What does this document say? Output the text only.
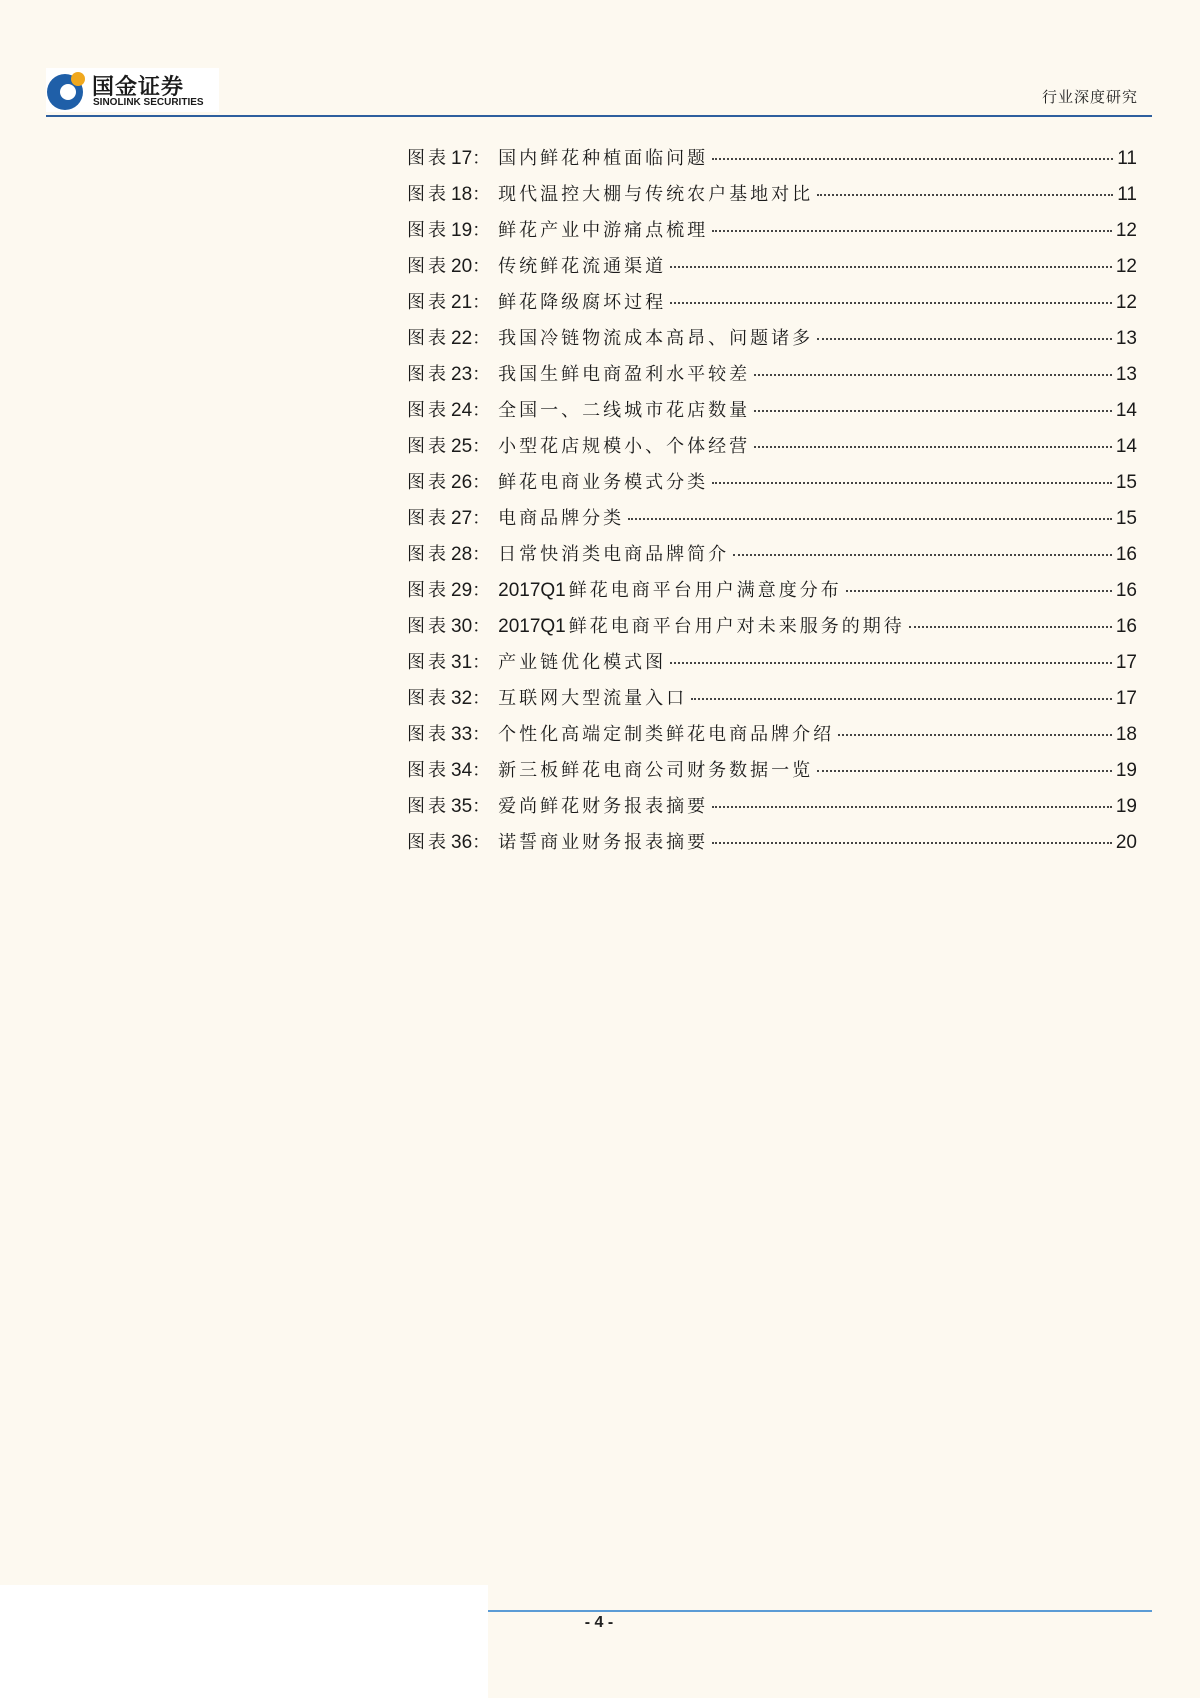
国金证券
SINOLINK SECURITIES	行业深度研究
图表 17 ： 国内鲜花种植面临问题	11
图表 18 ： 现代温控大棚与传统农户基地对比	11
图表 19 ： 鲜花产业中游痛点梳理	12
图表 20 ： 传统鲜花流通渠道	12
图表 21 ： 鲜花降级腐坏过程	12
图表 22 ： 我国冷链物流成本高昂、问题诸多	13
图表 23 ： 我国生鲜电商盈利水平较差	13
图表 24 ： 全国一、二线城市花店数量	14
图表 25 ： 小型花店规模小、个体经营	14
图表 26 ： 鲜花电商业务模式分类	15
图表 27 ： 电商品牌分类	15
图表 28 ： 日常快消类电商品牌简介	16
图表 29 ： 2017Q1 鲜花电商平台用户满意度分布	16
图表 30 ： 2017Q1 鲜花电商平台用户对未来服务的期待	16
图表 31 ： 产业链优化模式图	17
图表 32 ： 互联网大型流量入口	17
图表 33 ： 个性化高端定制类鲜花电商品牌介绍	18
图表 34 ： 新三板鲜花电商公司财务数据一览	19
图表 35 ： 爱尚鲜花财务报表摘要	19
图表 36 ： 诺誓商业财务报表摘要	20
- 4 -
